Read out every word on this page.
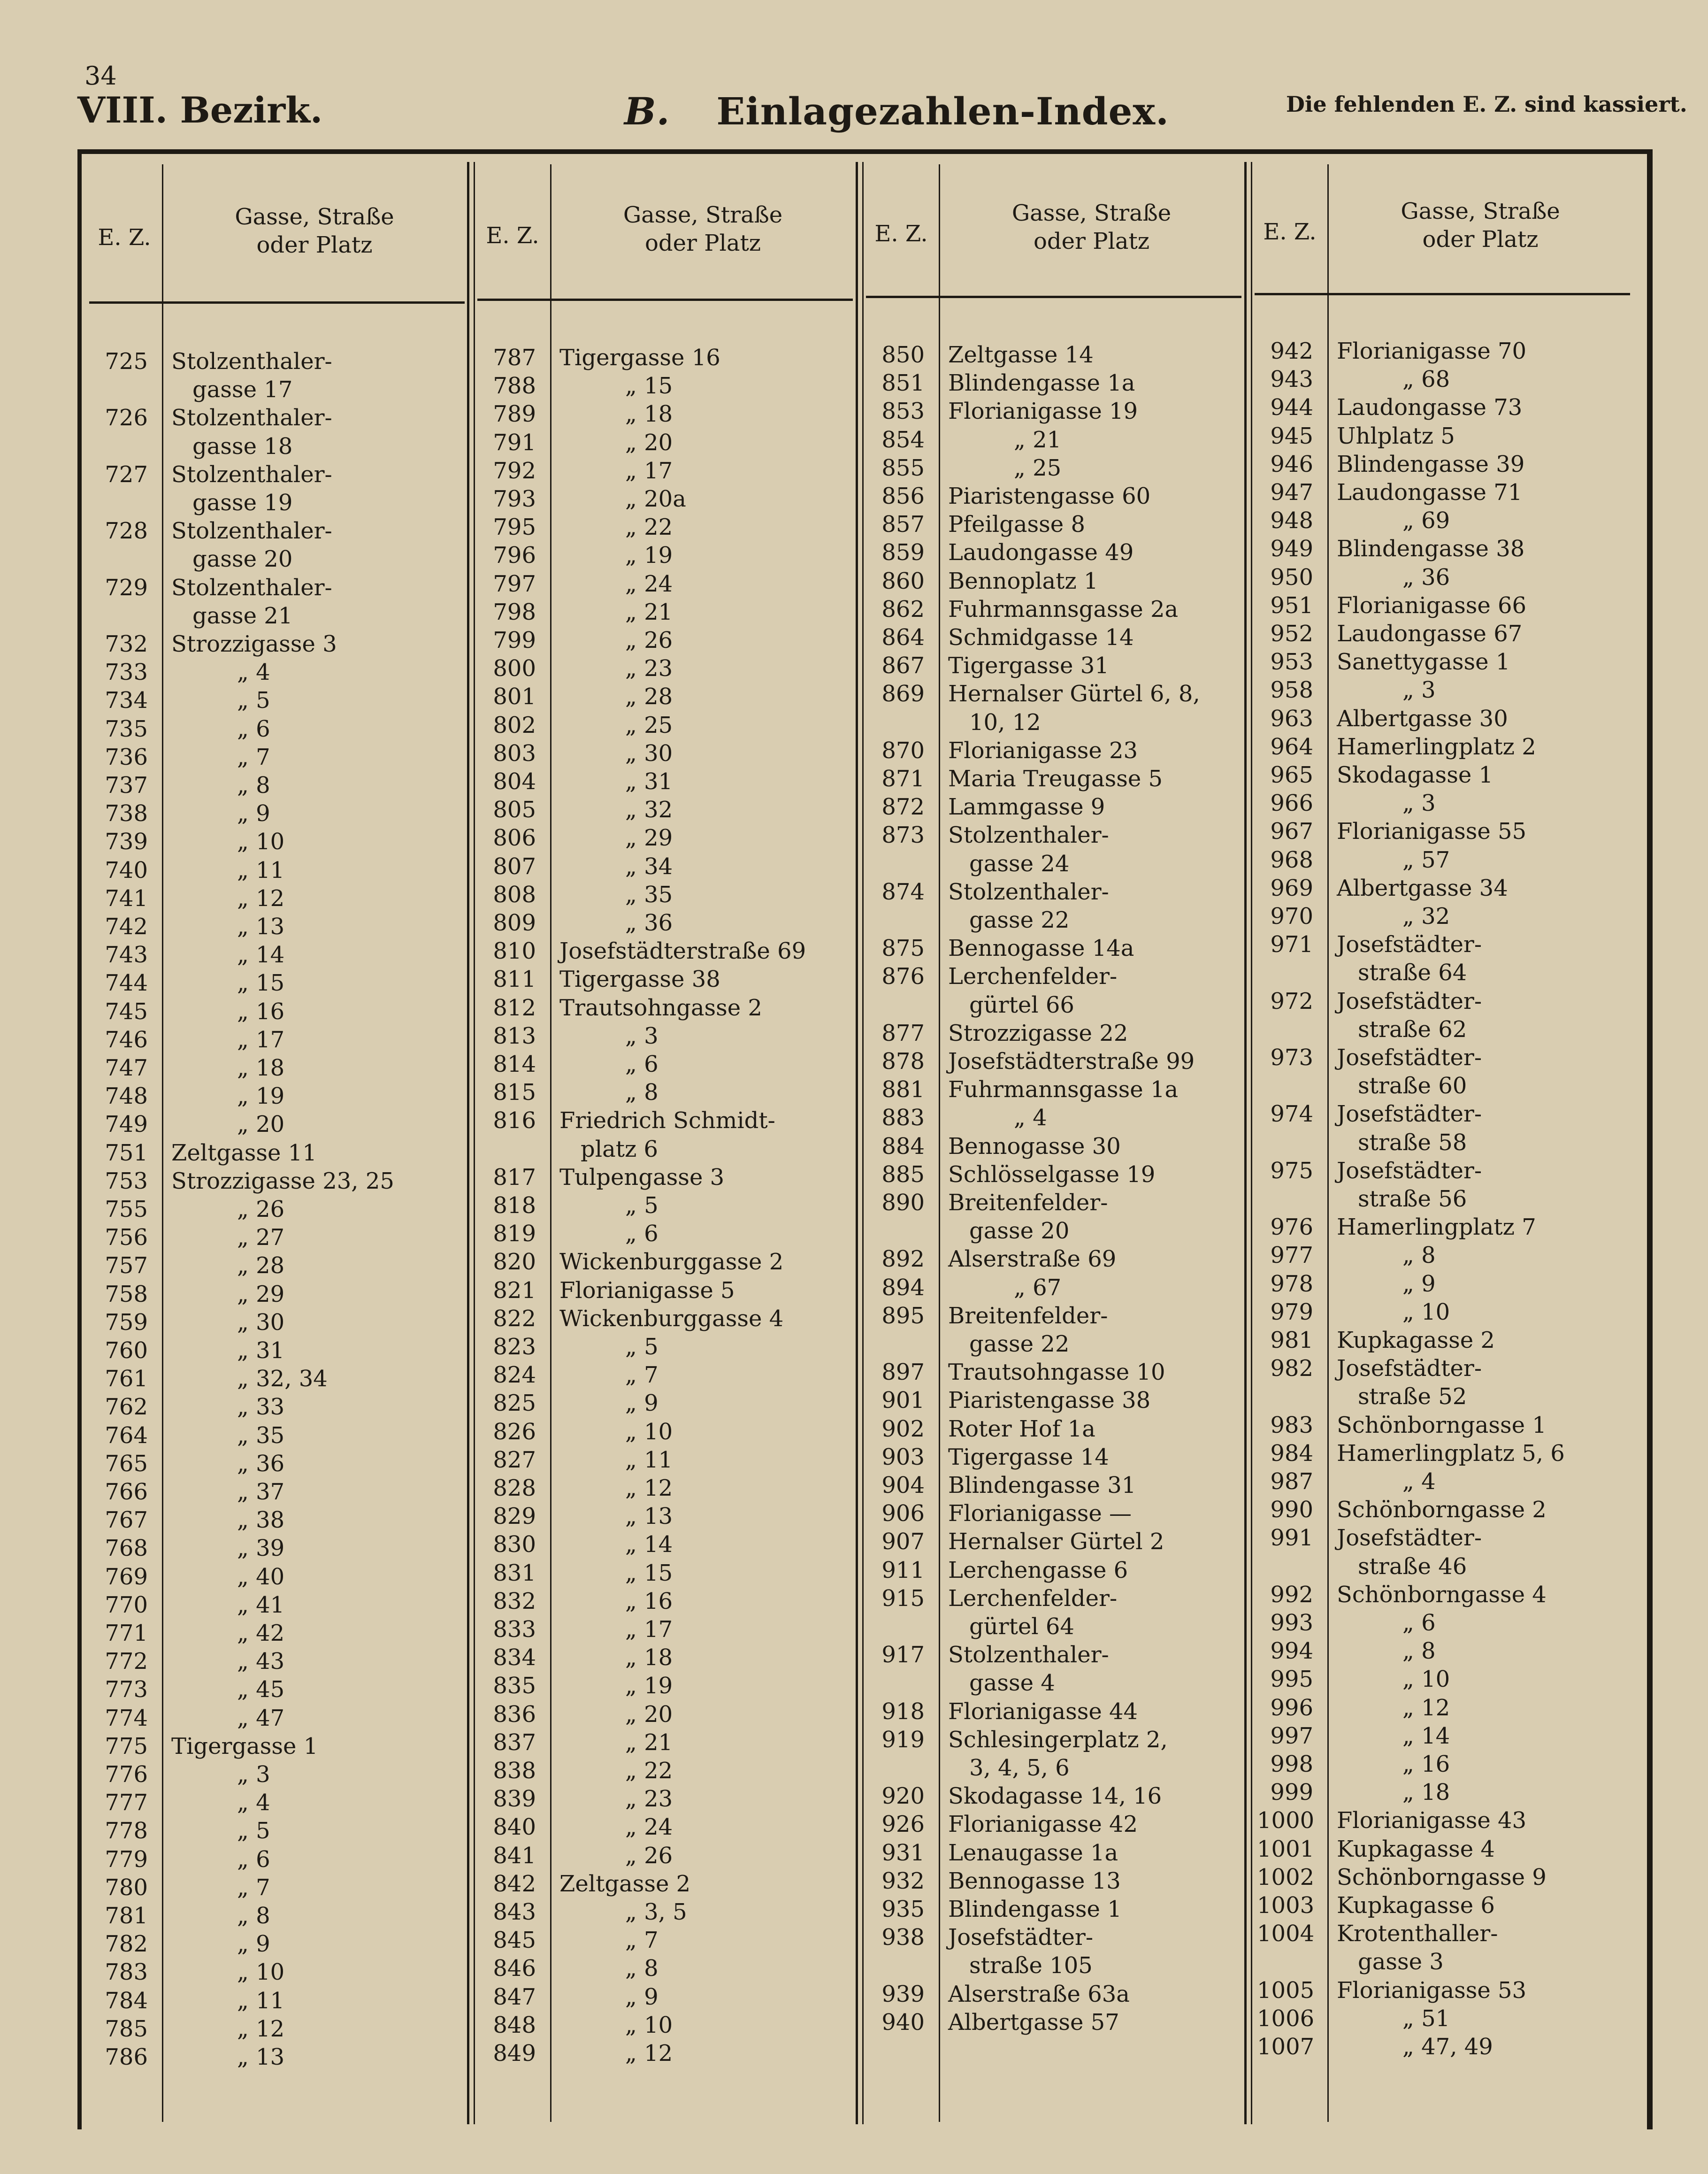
34
VIII. Bezirk.	B. Einlagezahlen-Index.	Die fehlenden E. Z. sind kassiert.
E. Z.
Gasse, Straße
oder Platz
725 Stolzenthaler-
gasse 17
726 Stolzenthaler-
gasse 18
727 Stolzenthaler-
gasse 19
728 Stolzenthaler-
gasse 20
729 Stolzenthaler-
gasse 21
732 Strozzigasse 3
733	„ 4
734	„ 5
735	„ 6
736	„ 7
737	„ 8
738	„ 9
739	„ 10
740	„ 11
741	„ 12
742	„ 13
743	„ 14
744	„ 15
745	„ 16
746	„ 17
747	„ 18
748	„ 19
749	„ 20
751 Zeltgasse 11
753 Strozzigasse 23, 25
755	„ 26
756	„ 27
757	„ 28
758	„ 29
759	„ 30
760	„ 31
761	„ 32, 34
762	„ 33
764	„ 35
765	„ 36
766	„ 37
767	„ 38
768	„ 39
769	„ 40
770	„ 41
771	„ 42
772	„ 43
773	„ 45
774	„ 47
775 Tigergasse 1
776	„ 3
777	„ 4
778	„ 5
779	„ 6
780	„ 7
781	„ 8
782	„ 9
783	„ 10
784	„ 11
785	„ 12
786	„ 13
E. Z.
Gasse, Straße
oder Platz
787 Tigergasse 16
788	„ 15
789	„ 18
791	„ 20
792	„ 17
793	„ 20a
795	„ 22
796	„ 19
797	„ 24
798	„ 21
799	„ 26
800	„ 23
801	„ 28
802	„ 25
803	„ 30
804	„ 31
805	„ 32
806	„ 29
807	„ 34
808	„ 35
809	„ 36
810 Josefstädterstraße 69
811 Tigergasse 38
812 Trautsohngasse 2
813	„ 3
814	„ 6
815	„ 8
816 Friedrich Schmidt-
platz 6
817 Tulpengasse 3
818	„ 5
819	„ 6
820 Wickenburggasse 2
821 Florianigasse 5
822 Wickenburggasse 4
823	„ 5
824	„ 7
825	„ 9
826	„ 10
827	„ 11
828	„ 12
829	„ 13
830	„ 14
831	„ 15
832	„ 16
833	„ 17
834	„ 18
835	„ 19
836	„ 20
837	„ 21
838	„ 22
839	„ 23
840	„ 24
841	„ 26
842 Zeltgasse 2
843	„ 3, 5
845	„ 7
846	„ 8
847	„ 9
848	„ 10
849	„ 12
E. Z.
Gasse, Straße
oder Platz
850 Zeltgasse 14
851 Blindengasse 1a
853 Florianigasse 19
854	„ 21
855	„ 25
856 Piaristengasse 60
857 Pfeilgasse 8
859 Laudongasse 49
860 Bennoplatz 1
862 Fuhrmannsgasse 2a
864 Schmidgasse 14
867 Tigergasse 31
869 Hernalser Gürtel 6, 8,
10, 12
870 Florianigasse 23
871 Maria Treugasse 5
872 Lammgasse 9
873 Stolzenthaler-
gasse 24
874 Stolzenthaler-
gasse 22
875 Bennogasse 14a
876 Lerchenfelder-
gürtel 66
877 Strozzigasse 22
878 Josefstädterstraße 99
881 Fuhrmannsgasse 1a
883	„ 4
884 Bennogasse 30
885 Schlösselgasse 19
890 Breitenfelder-
gasse 20
892 Alserstraße 69
894	„ 67
895 Breitenfelder-
gasse 22
897 Trautsohngasse 10
901 Piaristengasse 38
902 Roter Hof 1a
903 Tigergasse 14
904 Blindengasse 31
906 Florianigasse —
907 Hernalser Gürtel 2
911 Lerchengasse 6
915 Lerchenfelder-
gürtel 64
917 Stolzenthaler-
gasse 4
918 Florianigasse 44
919 Schlesingerplatz 2,
3, 4, 5, 6
920 Skodagasse 14, 16
926 Florianigasse 42
931 Lenaugasse 1a
932 Bennogasse 13
935 Blindengasse 1
938 Josefstädter-
straße 105
939 Alserstraße 63a
940 Albertgasse 57
E. Z.
Gasse, Straße
oder Platz
942 Florianigasse 70
943	„ 68
944 Laudongasse 73
945 Uhlplatz 5
946 Blindengasse 39
947 Laudongasse 71
948	„ 69
949 Blindengasse 38
950	„ 36
951 Florianigasse 66
952 Laudongasse 67
953 Sanettygasse 1
958	„ 3
963 Albertgasse 30
964 Hamerlingplatz 2
965 Skodagasse 1
966	„ 3
967 Florianigasse 55
968	„ 57
969 Albertgasse 34
970	„ 32
971 Josefstädter-
straße 64
972 Josefstädter-
straße 62
973 Josefstädter-
straße 60
974 Josefstädter-
straße 58
975 Josefstädter-
straße 56
976 Hamerlingplatz 7
977	„ 8
978	„ 9
979	„ 10
981 Kupkagasse 2
982 Josefstädter-
straße 52
983 Schönborngasse 1
984 Hamerlingplatz 5, 6
987	„ 4
990 Schönborngasse 2
991 Josefstädter-
straße 46
992 Schönborngasse 4
993	„ 6
994	„ 8
995	„ 10
996	„ 12
997	„ 14
998	„ 16
999	„ 18
1000 Florianigasse 43
1001 Kupkagasse 4
1002 Schönborngasse 9
1003 Kupkagasse 6
1004 Krotenthaller-
gasse 3
1005 Florianigasse 53
1006	„ 51
1007	„ 47, 49
